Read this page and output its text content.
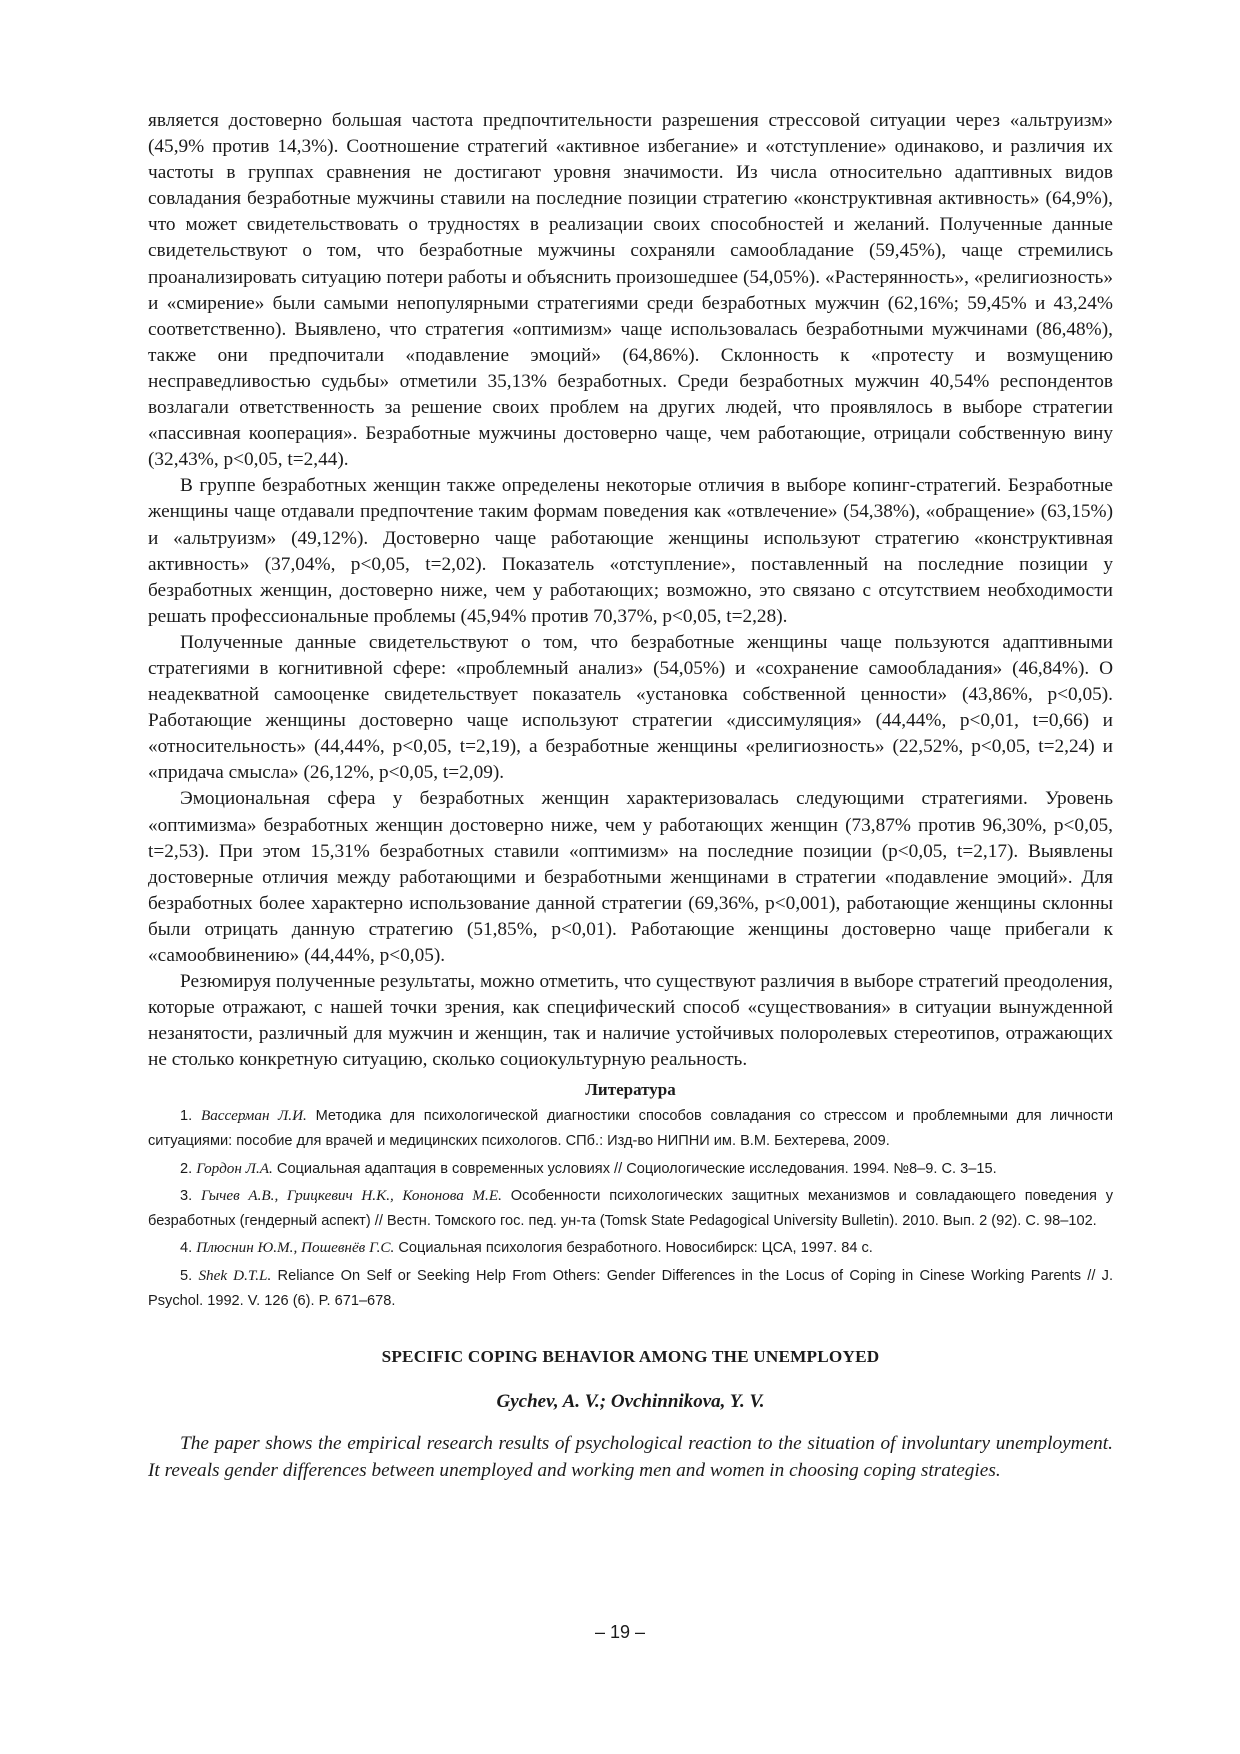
является достоверно большая частота предпочтительности разрешения стрессовой ситуации через «альтруизм» (45,9% против 14,3%). Соотношение стратегий «активное избегание» и «отступление» одинаково, и различия их частоты в группах сравнения не достигают уровня значимости. Из числа относительно адаптивных видов совладания безработные мужчины ставили на последние позиции стратегию «конструктивная активность» (64,9%), что может свидетельствовать о трудностях в реализации своих способностей и желаний. Полученные данные свидетельствуют о том, что безработные мужчины сохраняли самообладание (59,45%), чаще стремились проанализировать ситуацию потери работы и объяснить произошедшее (54,05%). «Растерянность», «религиозность» и «смирение» были самыми непопулярными стратегиями среди безработных мужчин (62,16%; 59,45% и 43,24% соответственно). Выявлено, что стратегия «оптимизм» чаще использовалась безработными мужчинами (86,48%), также они предпочитали «подавление эмоций» (64,86%). Склонность к «протесту и возмущению несправедливостью судьбы» отметили 35,13% безработных. Среди безработных мужчин 40,54% респондентов возлагали ответственность за решение своих проблем на других людей, что проявлялось в выборе стратегии «пассивная кооперация». Безработные мужчины достоверно чаще, чем работающие, отрицали собственную вину (32,43%, p<0,05, t=2,44).

В группе безработных женщин также определены некоторые отличия в выборе копинг-стратегий. Безработные женщины чаще отдавали предпочтение таким формам поведения как «отвлечение» (54,38%), «обращение» (63,15%) и «альтруизм» (49,12%). Достоверно чаще работающие женщины используют стратегию «конструктивная активность» (37,04%, p<0,05, t=2,02). Показатель «отступление», поставленный на последние позиции у безработных женщин, достоверно ниже, чем у работающих; возможно, это связано с отсутствием необходимости решать профессиональные проблемы (45,94% против 70,37%, p<0,05, t=2,28).

Полученные данные свидетельствуют о том, что безработные женщины чаще пользуются адаптивными стратегиями в когнитивной сфере: «проблемный анализ» (54,05%) и «сохранение самообладания» (46,84%). О неадекватной самооценке свидетельствует показатель «установка собственной ценности» (43,86%, p<0,05). Работающие женщины достоверно чаще используют стратегии «диссимуляция» (44,44%, p<0,01, t=0,66) и «относительность» (44,44%, p<0,05, t=2,19), а безработные женщины «религиозность» (22,52%, p<0,05, t=2,24) и «придача смысла» (26,12%, p<0,05, t=2,09).

Эмоциональная сфера у безработных женщин характеризовалась следующими стратегиями. Уровень «оптимизма» безработных женщин достоверно ниже, чем у работающих женщин (73,87% против 96,30%, p<0,05, t=2,53). При этом 15,31% безработных ставили «оптимизм» на последние позиции (p<0,05, t=2,17). Выявлены достоверные отличия между работающими и безработными женщинами в стратегии «подавление эмоций». Для безработных более характерно использование данной стратегии (69,36%, p<0,001), работающие женщины склонны были отрицать данную стратегию (51,85%, p<0,01). Работающие женщины достоверно чаще прибегали к «самообвинению» (44,44%, p<0,05).

Резюмируя полученные результаты, можно отметить, что существуют различия в выборе стратегий преодоления, которые отражают, с нашей точки зрения, как специфический способ «существования» в ситуации вынужденной незанятости, различный для мужчин и женщин, так и наличие устойчивых полоролевых стереотипов, отражающих не столько конкретную ситуацию, сколько социокультурную реальность.

Литература

1. Вассерман Л.И. Методика для психологической диагностики способов совладания со стрессом и проблемными для личности ситуациями: пособие для врачей и медицинских психологов. СПб.: Изд-во НИПНИ им. В.М. Бехтерева, 2009.

2. Гордон Л.А. Социальная адаптация в современных условиях // Социологические исследования. 1994. №8–9. С. 3–15.

3. Гычев А.В., Грицкевич Н.К., Кононова М.Е. Особенности психологических защитных механизмов и совладающего поведения у безработных (гендерный аспект) // Вестн. Томского гос. пед. ун-та (Tomsk State Pedagogical University Bulletin). 2010. Вып. 2 (92). С. 98–102.

4. Плюснин Ю.М., Пошевнёв Г.С. Социальная психология безработного. Новосибирск: ЦСА, 1997. 84 с.

5. Shek D.T.L. Reliance On Self or Seeking Help From Others: Gender Differences in the Locus of Coping in Cinese Working Parents // J. Psychol. 1992. V. 126 (6). P. 671–678.

SPECIFIC COPING BEHAVIOR AMONG THE UNEMPLOYED
Gychev, A. V.; Ovchinnikova, Y. V.

The paper shows the empirical research results of psychological reaction to the situation of involuntary unemployment. It reveals gender differences between unemployed and working men and women in choosing coping strategies.

– 19 –
